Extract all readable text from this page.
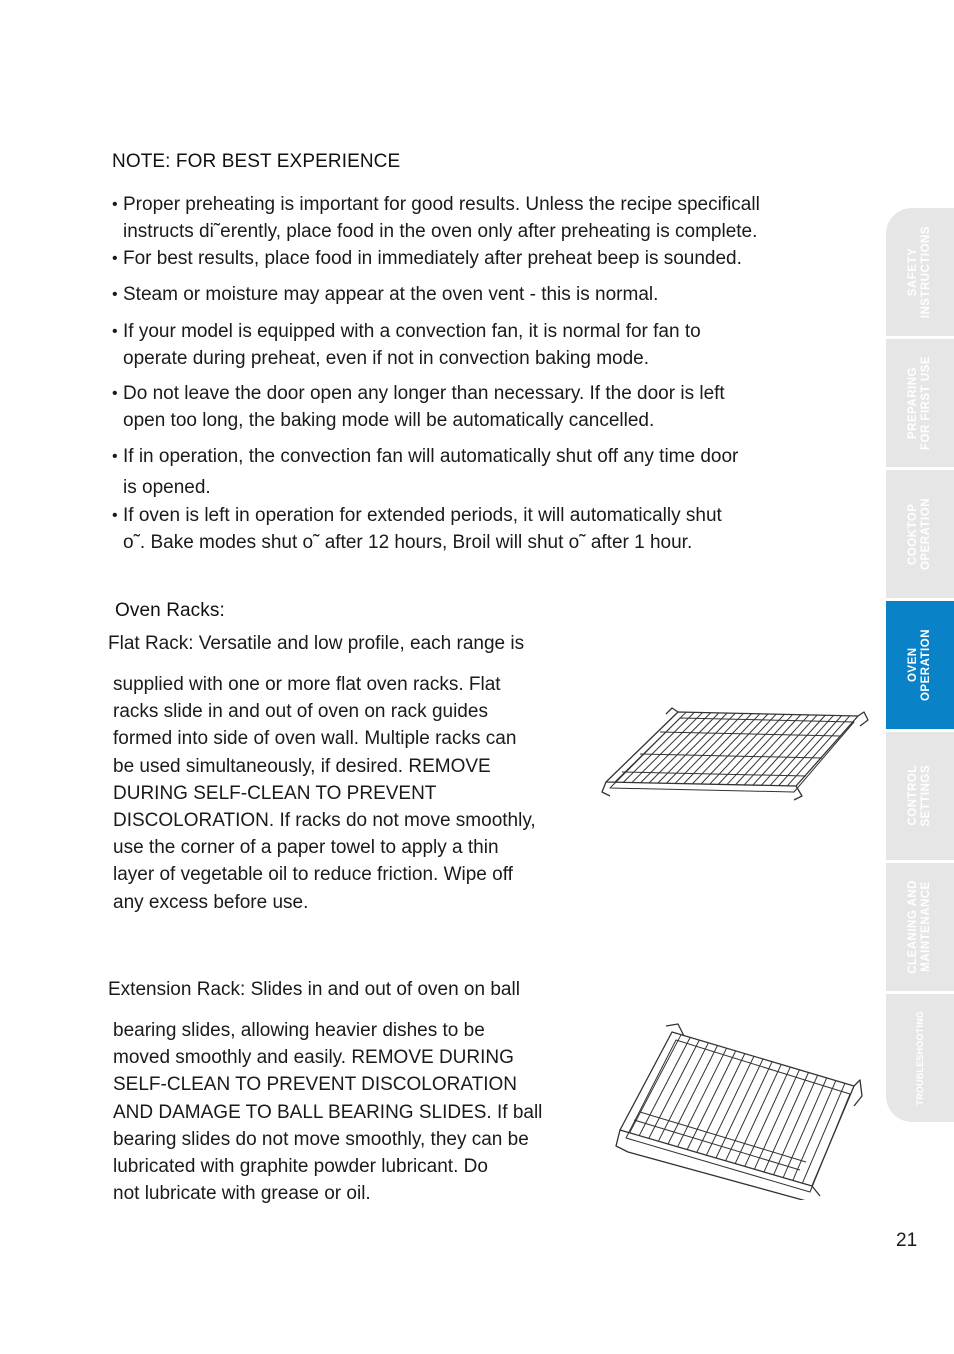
NOTE: FOR BEST EXPERIENCE
• Proper preheating is important for good results. Unless the recipe specificall
instructs di˜erently, place food in the oven only after preheating is complete.
• For best results, place food in immediately after preheat beep is sounded.
• Steam or moisture may appear at the oven vent - this is normal.
• If your model is equipped with a convection fan, it is normal for fan to
operate during preheat, even if not in convection baking mode.
• Do not leave the door open any longer than necessary. If the door is left
open too long, the baking mode will be automatically cancelled.
• If in operation, the convection fan will automatically shut off any time door
is opened.
• If oven is left in operation for extended periods, it will automatically shut
o˜. Bake modes shut o˜ after 12 hours, Broil will shut o˜ after 1 hour.
Oven Racks:
Flat Rack: Versatile and low profile, each range is
supplied with one or more flat oven racks. Flat
racks slide in and out of oven on rack guides
formed into side of oven wall. Multiple racks can
be used simultaneously, if desired. REMOVE
DURING SELF-CLEAN TO PREVENT
DISCOLORATION. If racks do not move smoothly,
use the corner of a paper towel to apply a thin
layer of vegetable oil to reduce friction. Wipe off
any excess before use.
Extension Rack: Slides in and out of oven on ball
bearing slides, allowing heavier dishes to be
moved smoothly and easily. REMOVE DURING
SELF-CLEAN TO PREVENT DISCOLORATION
AND DAMAGE TO BALL BEARING SLIDES. If ball
bearing slides do not move smoothly, they can be
lubricated with graphite powder lubricant. Do
not lubricate with grease or oil.
SAFETY
INSTRUCTIONS
PREPARING
FOR FIRST USE
COOKTOP
OPERATION
OVEN
OPERATION
CONTROL
SETTINGS
CLEANING AND
MAINTENANCE
TROUBLESHOOTING
21
